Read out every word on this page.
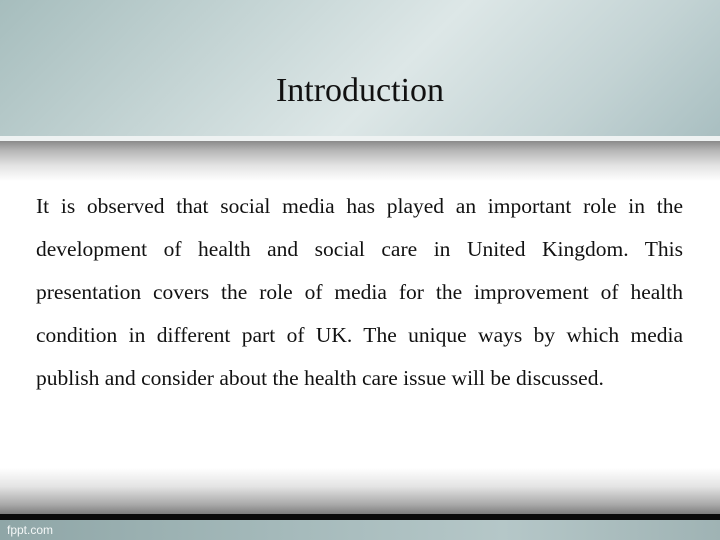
Introduction

It is observed that social media has played an important role in the development of health and social care in United Kingdom. This presentation covers the role of media for the improvement of health condition in different part of UK. The unique ways by which media publish and consider about the health care issue will be discussed.

fppt.com
